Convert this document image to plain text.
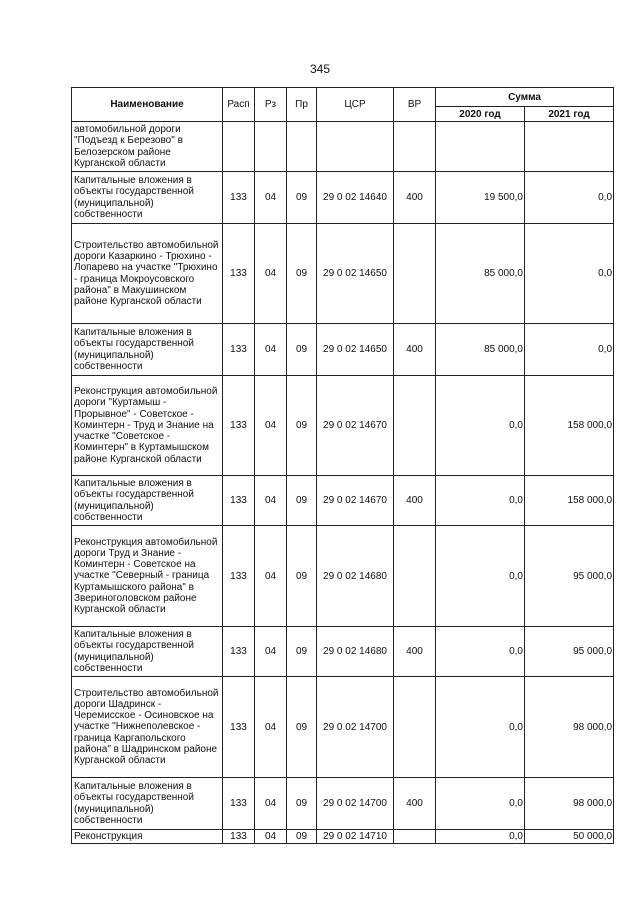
345
Наименование	Расп	Рз	Пр	ЦСР	ВР	Сумма	
						2020 год	2021 год
автомобильной дороги "Подъезд к Березово" в Белозерском районе Курганской области							
Капитальные вложения в объекты государственной (муниципальной) собственности	133	04	09	29 0 02 14640	400	19 500,0	0,0
Строительство автомобильной дороги Казаркино - Трюхино - Лопарево на участке "Трюхино - граница Мокроусовского района" в Макушинском районе Курганской области	133	04	09	29 0 02 14650		85 000,0	0,0
Капитальные вложения в объекты государственной (муниципальной) собственности	133	04	09	29 0 02 14650	400	85 000,0	0,0
Реконструкция автомобильной дороги "Куртамыш - Прорывное" - Советское - Коминтерн - Труд и Знание на участке "Советское - Коминтерн" в Куртамышском районе Курганской области	133	04	09	29 0 02 14670		0,0	158 000,0
Капитальные вложения в объекты государственной (муниципальной) собственности	133	04	09	29 0 02 14670	400	0,0	158 000,0
Реконструкция автомобильной дороги Труд и Знание - Коминтерн - Советское на участке "Северный - граница Куртамышского района" в Звериноголовском районе Курганской области	133	04	09	29 0 02 14680		0,0	95 000,0
Капитальные вложения в объекты государственной (муниципальной) собственности	133	04	09	29 0 02 14680	400	0,0	95 000,0
Строительство автомобильной дороги Шадринск - Черемисское - Осиновское на участке "Нижнеполевское - граница Каргапольского района" в Шадринском районе Курганской области	133	04	09	29 0 02 14700		0,0	98 000,0
Капитальные вложения в объекты государственной (муниципальной) собственности	133	04	09	29 0 02 14700	400	0,0	98 000,0
Реконструкция	133	04	09	29 0 02 14710		0,0	50 000,0
